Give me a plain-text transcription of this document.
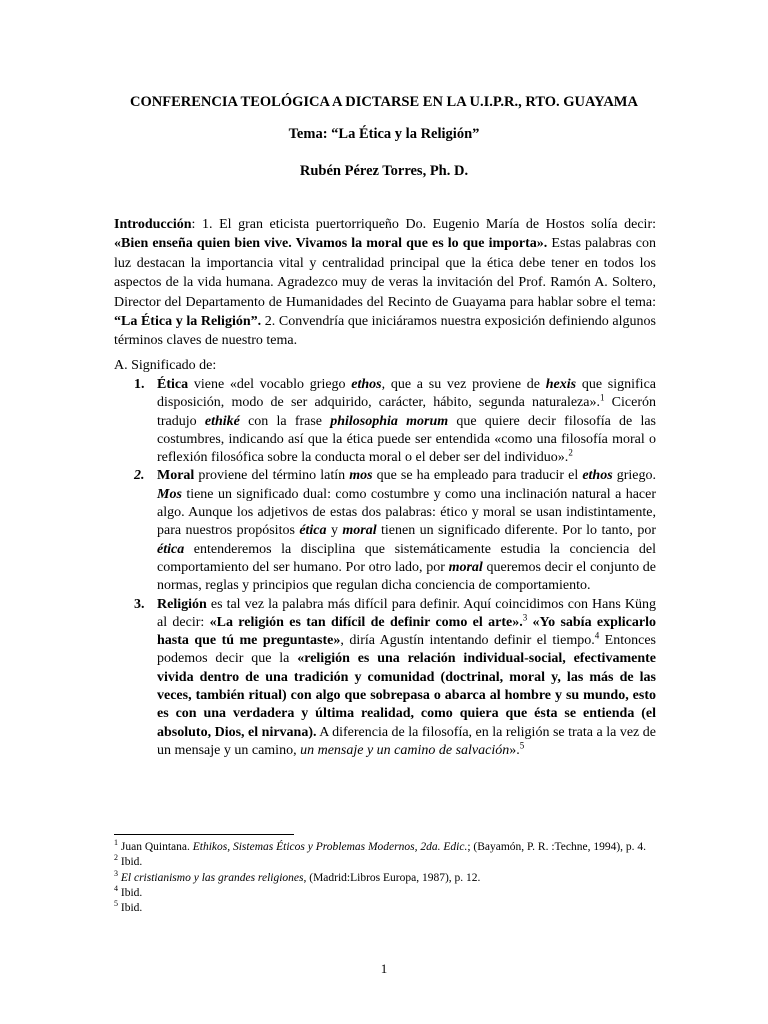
CONFERENCIA TEOLÓGICA A DICTARSE EN LA U.I.P.R., RTO. GUAYAMA
Tema: “La Ética y la Religión”
Rubén Pérez Torres, Ph. D.
Introducción: 1. El gran eticista puertorriqueño Do. Eugenio María de Hostos solía decir: «Bien enseña quien bien vive. Vivamos la moral que es lo que importa». Estas palabras con luz destacan la importancia vital y centralidad principal que la ética debe tener en todos los aspectos de la vida humana. Agradezco muy de veras la invitación del Prof. Ramón A. Soltero, Director del Departamento de Humanidades del Recinto de Guayama para hablar sobre el tema: “La Ética y la Religión”. 2. Convendría que iniciáramos nuestra exposición definiendo algunos términos claves de nuestro tema.
A. Significado de:
1. Ética viene «del vocablo griego ethos, que a su vez proviene de hexis que significa disposición, modo de ser adquirido, carácter, hábito, segunda naturaleza».$^1$ Cicerón tradujo ethiké con la frase philosophia morum que quiere decir filosofía de las costumbres, indicando así que la ética puede ser entendida «como una filosofía moral o reflexión filosófica sobre la conducta moral o el deber ser del individuo».$^2$
2. Moral proviene del término latín mos que se ha empleado para traducir el ethos griego. Mos tiene un significado dual: como costumbre y como una inclinación natural a hacer algo. Aunque los adjetivos de estas dos palabras: ético y moral se usan indistintamente, para nuestros propósitos ética y moral tienen un significado diferente. Por lo tanto, por ética entenderemos la disciplina que sistemáticamente estudia la conciencia del comportamiento del ser humano. Por otro lado, por moral queremos decir el conjunto de normas, reglas y principios que regulan dicha conciencia de comportamiento.
3. Religión es tal vez la palabra más difícil para definir. Aquí coincidimos con Hans Küng al decir: «La religión es tan difícil de definir como el arte».$^3$ «Yo sabía explicarlo hasta que tú me preguntaste», diría Agustín intentando definir el tiempo.$^4$ Entonces podemos decir que la «religión es una relación individual-social, efectivamente vivida dentro de una tradición y comunidad (doctrinal, moral y, las más de las veces, también ritual) con algo que sobrepasa o abarca al hombre y su mundo, esto es con una verdadera y última realidad, como quiera que ésta se entienda (el absoluto, Dios, el nirvana). A diferencia de la filosofía, en la religión se trata a la vez de un mensaje y un camino, un mensaje y un camino de salvación».$^5$
$^1$ Juan Quintana. Ethikos, Sistemas Éticos y Problemas Modernos, 2da. Edic.; (Bayamón, P. R. :Techne, 1994), p. 4.
$^2$ Ibid.
$^3$ El cristianismo y las grandes religiones, (Madrid:Libros Europa, 1987), p. 12.
$^4$ Ibid.
$^5$ Ibid.
1
